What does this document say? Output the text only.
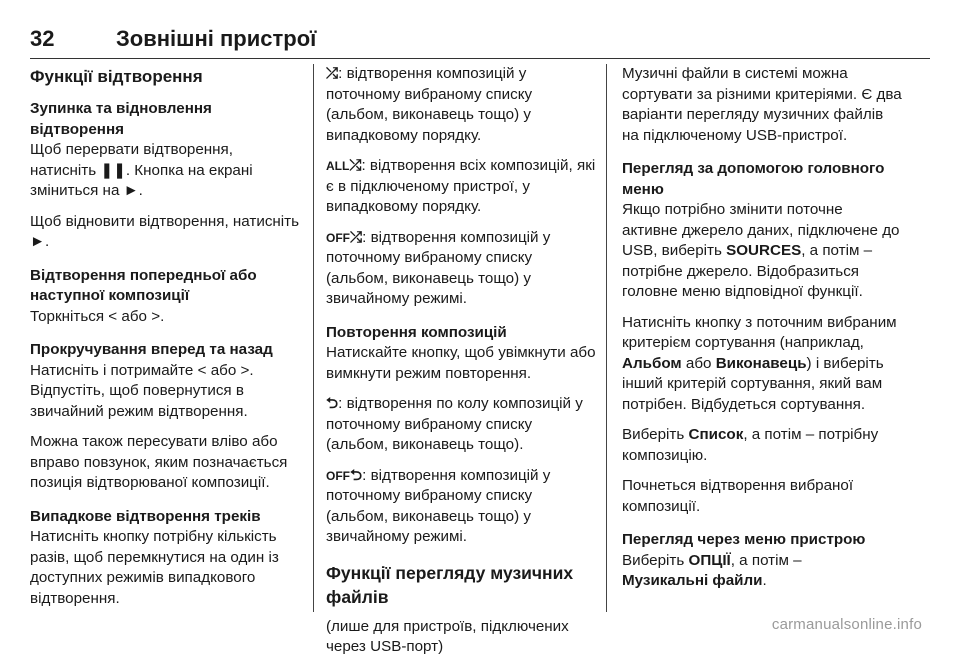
32	Зовнішні пристрої
Функції відтворення

Зупинка та відновлення відтворення

Щоб перервати відтворення, натисніть ❚❚. Кнопка на екрані зміниться на ►.

Щоб відновити відтворення, натисніть ►.

Відтворення попередньої або наступної композиції

Торкніться < або >.

Прокручування вперед та назад

Натисніть і потримайте < або >. Відпустіть, щоб повернутися в звичайний режим відтворення.

Можна також пересувати вліво або вправо повзунок, яким позначається позиція відтворюваної композиції.

Випадкове відтворення треків

Натисніть кнопку потрібну кількість разів, щоб перемкнутися на один із доступних режимів випадкового відтворення.

⤮: відтворення композицій у поточному вибраному списку (альбом, виконавець тощо) у випадковому порядку.

ALL⤮: відтворення всіх композицій, які є в підключеному пристрої, у випадковому порядку.

OFF⤮: відтворення композицій у поточному вибраному списку (альбом, виконавець тощо) у звичайному режимі.

Повторення композицій

Натискайте кнопку, щоб увімкнути або вимкнути режим повторення.

⮌: відтворення по колу композицій у поточному вибраному списку (альбом, виконавець тощо).

OFF⮌: відтворення композицій у поточному вибраному списку (альбом, виконавець тощо) у звичайному режимі.

Функції перегляду музичних файлів

(лише для пристроїв, підключених через USB-порт)

Музичні файли в системі можна сортувати за різними критеріями. Є два варіанти перегляду музичних файлів на підключеному USB-пристрої.

Перегляд за допомогою головного меню

Якщо потрібно змінити поточне активне джерело даних, підключене до USB, виберіть SOURCES, а потім – потрібне джерело. Відобразиться головне меню відповідної функції.

Натисніть кнопку з поточним вибраним критерієм сортування (наприклад, Альбом або Виконавець) і виберіть інший критерій сортування, який вам потрібен. Відбудеться сортування.

Виберіть Список, а потім – потрібну композицію.

Почнеться відтворення вибраної композиції.

Перегляд через меню пристрою

Виберіть ОПЦІЇ, а потім –
Музикальні файли.

carmanualsonline.info
